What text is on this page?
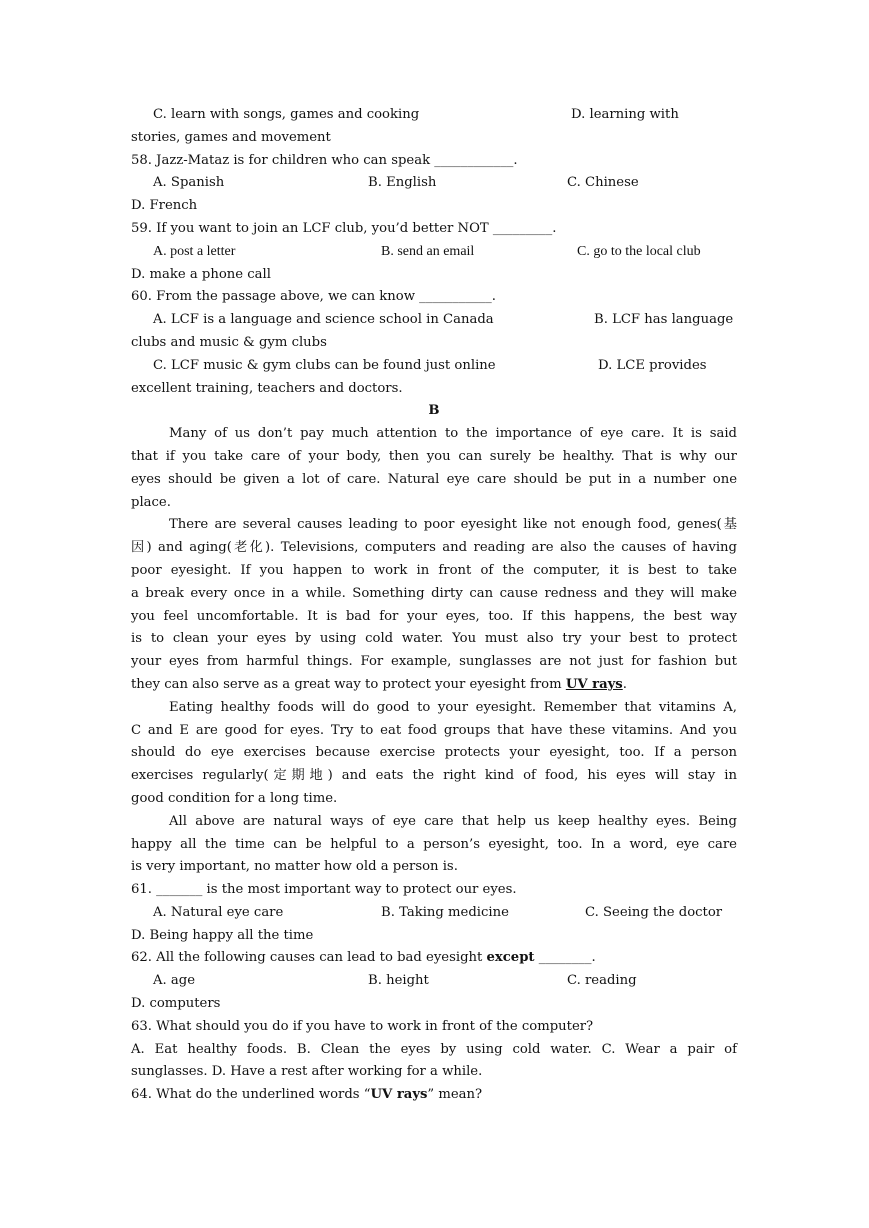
C. learn with songs, games and cooking	D. learning with
stories, games and movement
58. Jazz-Mataz is for children who can speak ____________.
A. Spanish	B. English	C. Chinese
D. French
59. If you want to join an LCF club, you’d better NOT _________.
A. post a letter	B. send an email	C. go to the local club
D. make a phone call
60. From the passage above, we can know ___________.
A. LCF is a language and science school in Canada	B. LCF has language
clubs and music & gym clubs
C. LCF music & gym clubs can be found just online	D. LCE provides
excellent training, teachers and doctors.
B
Many of us don’t pay much attention to the importance of eye care. It is said
that if you take care of your body, then you can surely be healthy. That is why our
eyes should be given a lot of care. Natural eye care should be put in a number one
place.
There are several causes leading to poor eyesight like not enough food, genes(基
因) and aging(老化). Televisions, computers and reading are also the causes of having
poor eyesight. If you happen to work in front of the computer, it is best to take
a break every once in a while. Something dirty can cause redness and they will make
you feel uncomfortable. It is bad for your eyes, too. If this happens, the best way
is to clean your eyes by using cold water. You must also try your best to protect
your eyes from harmful things. For example, sunglasses are not just for fashion but
they can also serve as a great way to protect your eyesight from UV rays.
Eating healthy foods will do good to your eyesight. Remember that vitamins A,
C and E are good for eyes. Try to eat food groups that have these vitamins. And you
should do eye exercises because exercise protects your eyesight, too. If a person
exercises regularly(定期地) and eats the right kind of food, his eyes will stay in
good condition for a long time.
All above are natural ways of eye care that help us keep healthy eyes. Being
happy all the time can be helpful to a person’s eyesight, too. In a word, eye care
is very important, no matter how old a person is.
61. _______ is the most important way to protect our eyes.
A. Natural eye care	B. Taking medicine	C. Seeing the doctor
D. Being happy all the time
62. All the following causes can lead to bad eyesight except ________.
A. age	B. height	C. reading
D. computers
63. What should you do if you have to work in front of the computer?
A. Eat healthy foods. B. Clean the eyes by using cold water. C. Wear a pair of
sunglasses. D. Have a rest after working for a while.
64. What do the underlined words “UV rays” mean?
